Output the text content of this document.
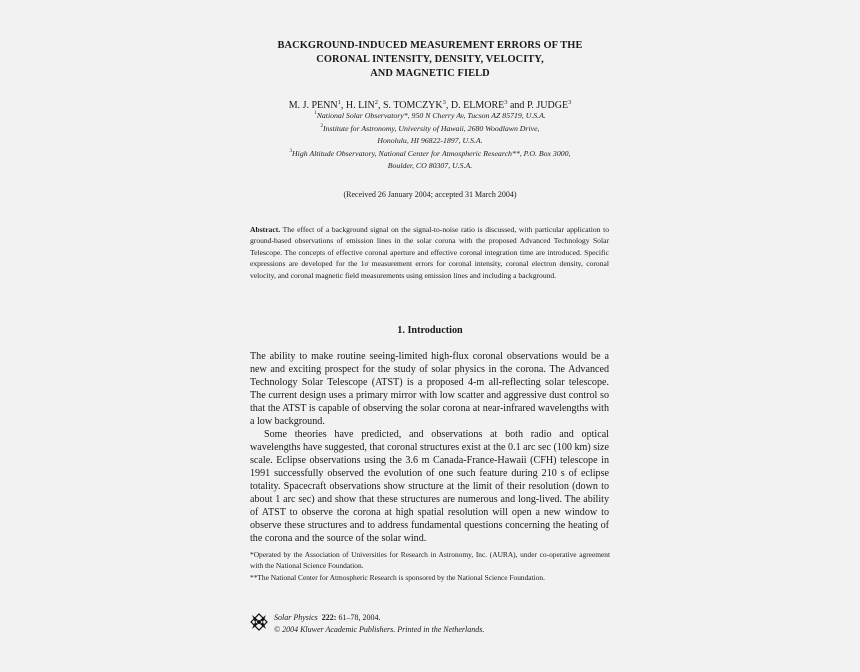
BACKGROUND-INDUCED MEASUREMENT ERRORS OF THE
CORONAL INTENSITY, DENSITY, VELOCITY,
AND MAGNETIC FIELD
M. J. PENN$^1$, H. LIN$^2$, S. TOMCZYK$^3$, D. ELMORE$^3$ and P. JUDGE$^3$
$^1$National Solar Observatory*, 950 N Cherry Av, Tucson AZ 85719, U.S.A.
$^2$Institute for Astronomy, University of Hawaii, 2680 Woodlawn Drive,
Honolulu, HI 96822-1897, U.S.A.
$^3$High Altitude Observatory, National Center for Atmospheric Research**, P.O. Box 3000,
Boulder, CO 80307, U.S.A.
(Received 26 January 2004; accepted 31 March 2004)
Abstract. The effect of a background signal on the signal-to-noise ratio is discussed, with particular application to ground-based observations of emission lines in the solar corona with the proposed Advanced Technology Solar Telescope. The concepts of effective coronal aperture and effective coronal integration time are introduced. Specific expressions are developed for the 1σ measurement errors for coronal intensity, coronal electron density, coronal velocity, and coronal magnetic field measurements using emission lines and including a background.
1. Introduction

The ability to make routine seeing-limited high-flux coronal observations would be a new and exciting prospect for the study of solar physics in the corona. The Advanced Technology Solar Telescope (ATST) is a proposed 4-m all-reflecting solar telescope. The current design uses a primary mirror with low scatter and aggressive dust control so that the ATST is capable of observing the solar corona at near-infrared wavelengths with a low background.

Some theories have predicted, and observations at both radio and optical wavelengths have suggested, that coronal structures exist at the 0.1 arc sec (100 km) size scale. Eclipse observations using the 3.6 m Canada-France-Hawaii (CFH) telescope in 1991 successfully observed the evolution of one such feature during 210 s of eclipse totality. Spacecraft observations show structure at the limit of their resolution (down to about 1 arc sec) and show that these structures are numerous and long-lived. The ability of ATST to observe the corona at high spatial resolution will open a new window to observe these structures and to address fundamental questions concerning the heating of the corona and the source of the solar wind.

*Operated by the Association of Universities for Research in Astronomy, Inc. (AURA), under co-operative agreement with the National Science Foundation.

**The National Center for Atmospheric Research is sponsored by the National Science Foundation.

Solar Physics 222: 61–78, 2004.
© 2004 Kluwer Academic Publishers. Printed in the Netherlands.
